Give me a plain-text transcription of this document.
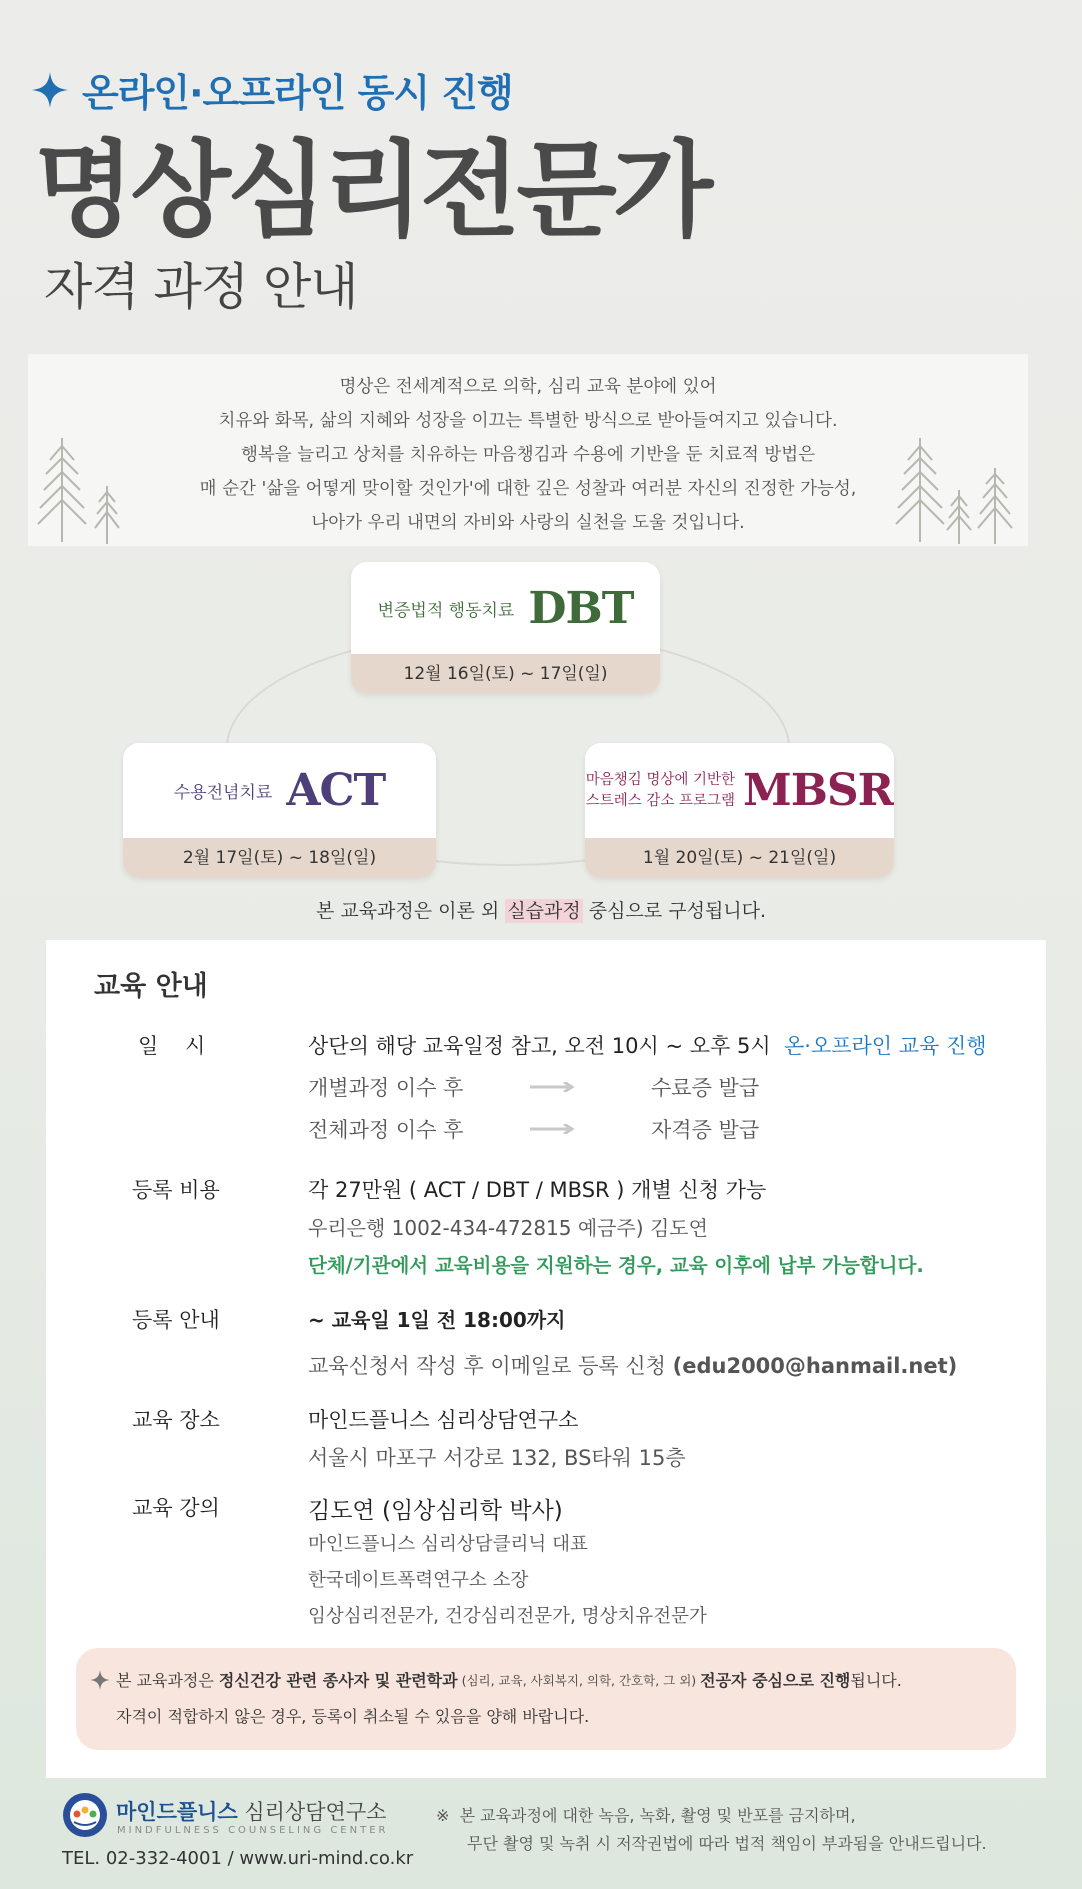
온라인·오프라인 동시 진행
명상심리전문가
자격 과정 안내
명상은 전세계적으로 의학, 심리 교육 분야에 있어
치유와 화목, 삶의 지혜와 성장을 이끄는 특별한 방식으로 받아들여지고 있습니다.
행복을 늘리고 상처를 치유하는 마음챙김과 수용에 기반을 둔 치료적 방법은
매 순간 '삶을 어떻게 맞이할 것인가'에 대한 깊은 성찰과 여러분 자신의 진정한 가능성,
나아가 우리 내면의 자비와 사랑의 실천을 도울 것입니다.
변증법적 행동치료 DBT
12월 16일(토) ~ 17일(일)
수용전념치료 ACT
2월 17일(토) ~ 18일(일)
마음챙김 명상에 기반한
스트레스 감소 프로그램 MBSR
1월 20일(토) ~ 21일(일)
본 교육과정은 이론 외 실습과정 중심으로 구성됩니다.
교육 안내
일    시	상단의 해당 교육일정 참고, 오전 10시 ~ 오후 5시 온·오프라인 교육 진행
개별과정 이수 후	수료증 발급
전체과정 이수 후	자격증 발급
등록 비용	각 27만원 ( ACT / DBT / MBSR ) 개별 신청 가능
우리은행 1002-434-472815 예금주) 김도연
단체/기관에서 교육비용을 지원하는 경우, 교육 이후에 납부 가능합니다.
등록 안내	~ 교육일 1일 전 18:00까지
교육신청서 작성 후 이메일로 등록 신청 (edu2000@hanmail.net)
교육 장소	마인드플니스 심리상담연구소
서울시 마포구 서강로 132, BS타워 15층
교육 강의	김도연 (임상심리학 박사)
마인드플니스 심리상담클리닉 대표
한국데이트폭력연구소 소장
임상심리전문가, 건강심리전문가, 명상치유전문가
본 교육과정은 정신건강 관련 종사자 및 관련학과 (심리, 교육, 사회복지, 의학, 간호학, 그 외) 전공자 중심으로 진행 됩니다.
자격이 적합하지 않은 경우, 등록이 취소될 수 있음을 양해 바랍니다.
마인드플니스 심리상담연구소
MINDFULNESS COUNSELING CENTER
TEL. 02-332-4001 / www.uri-mind.co.kr
※  본 교육과정에 대한 녹음, 녹화, 촬영 및 반포를 금지하며,
무단 촬영 및 녹취 시 저작권법에 따라 법적 책임이 부과됨을 안내드립니다.
